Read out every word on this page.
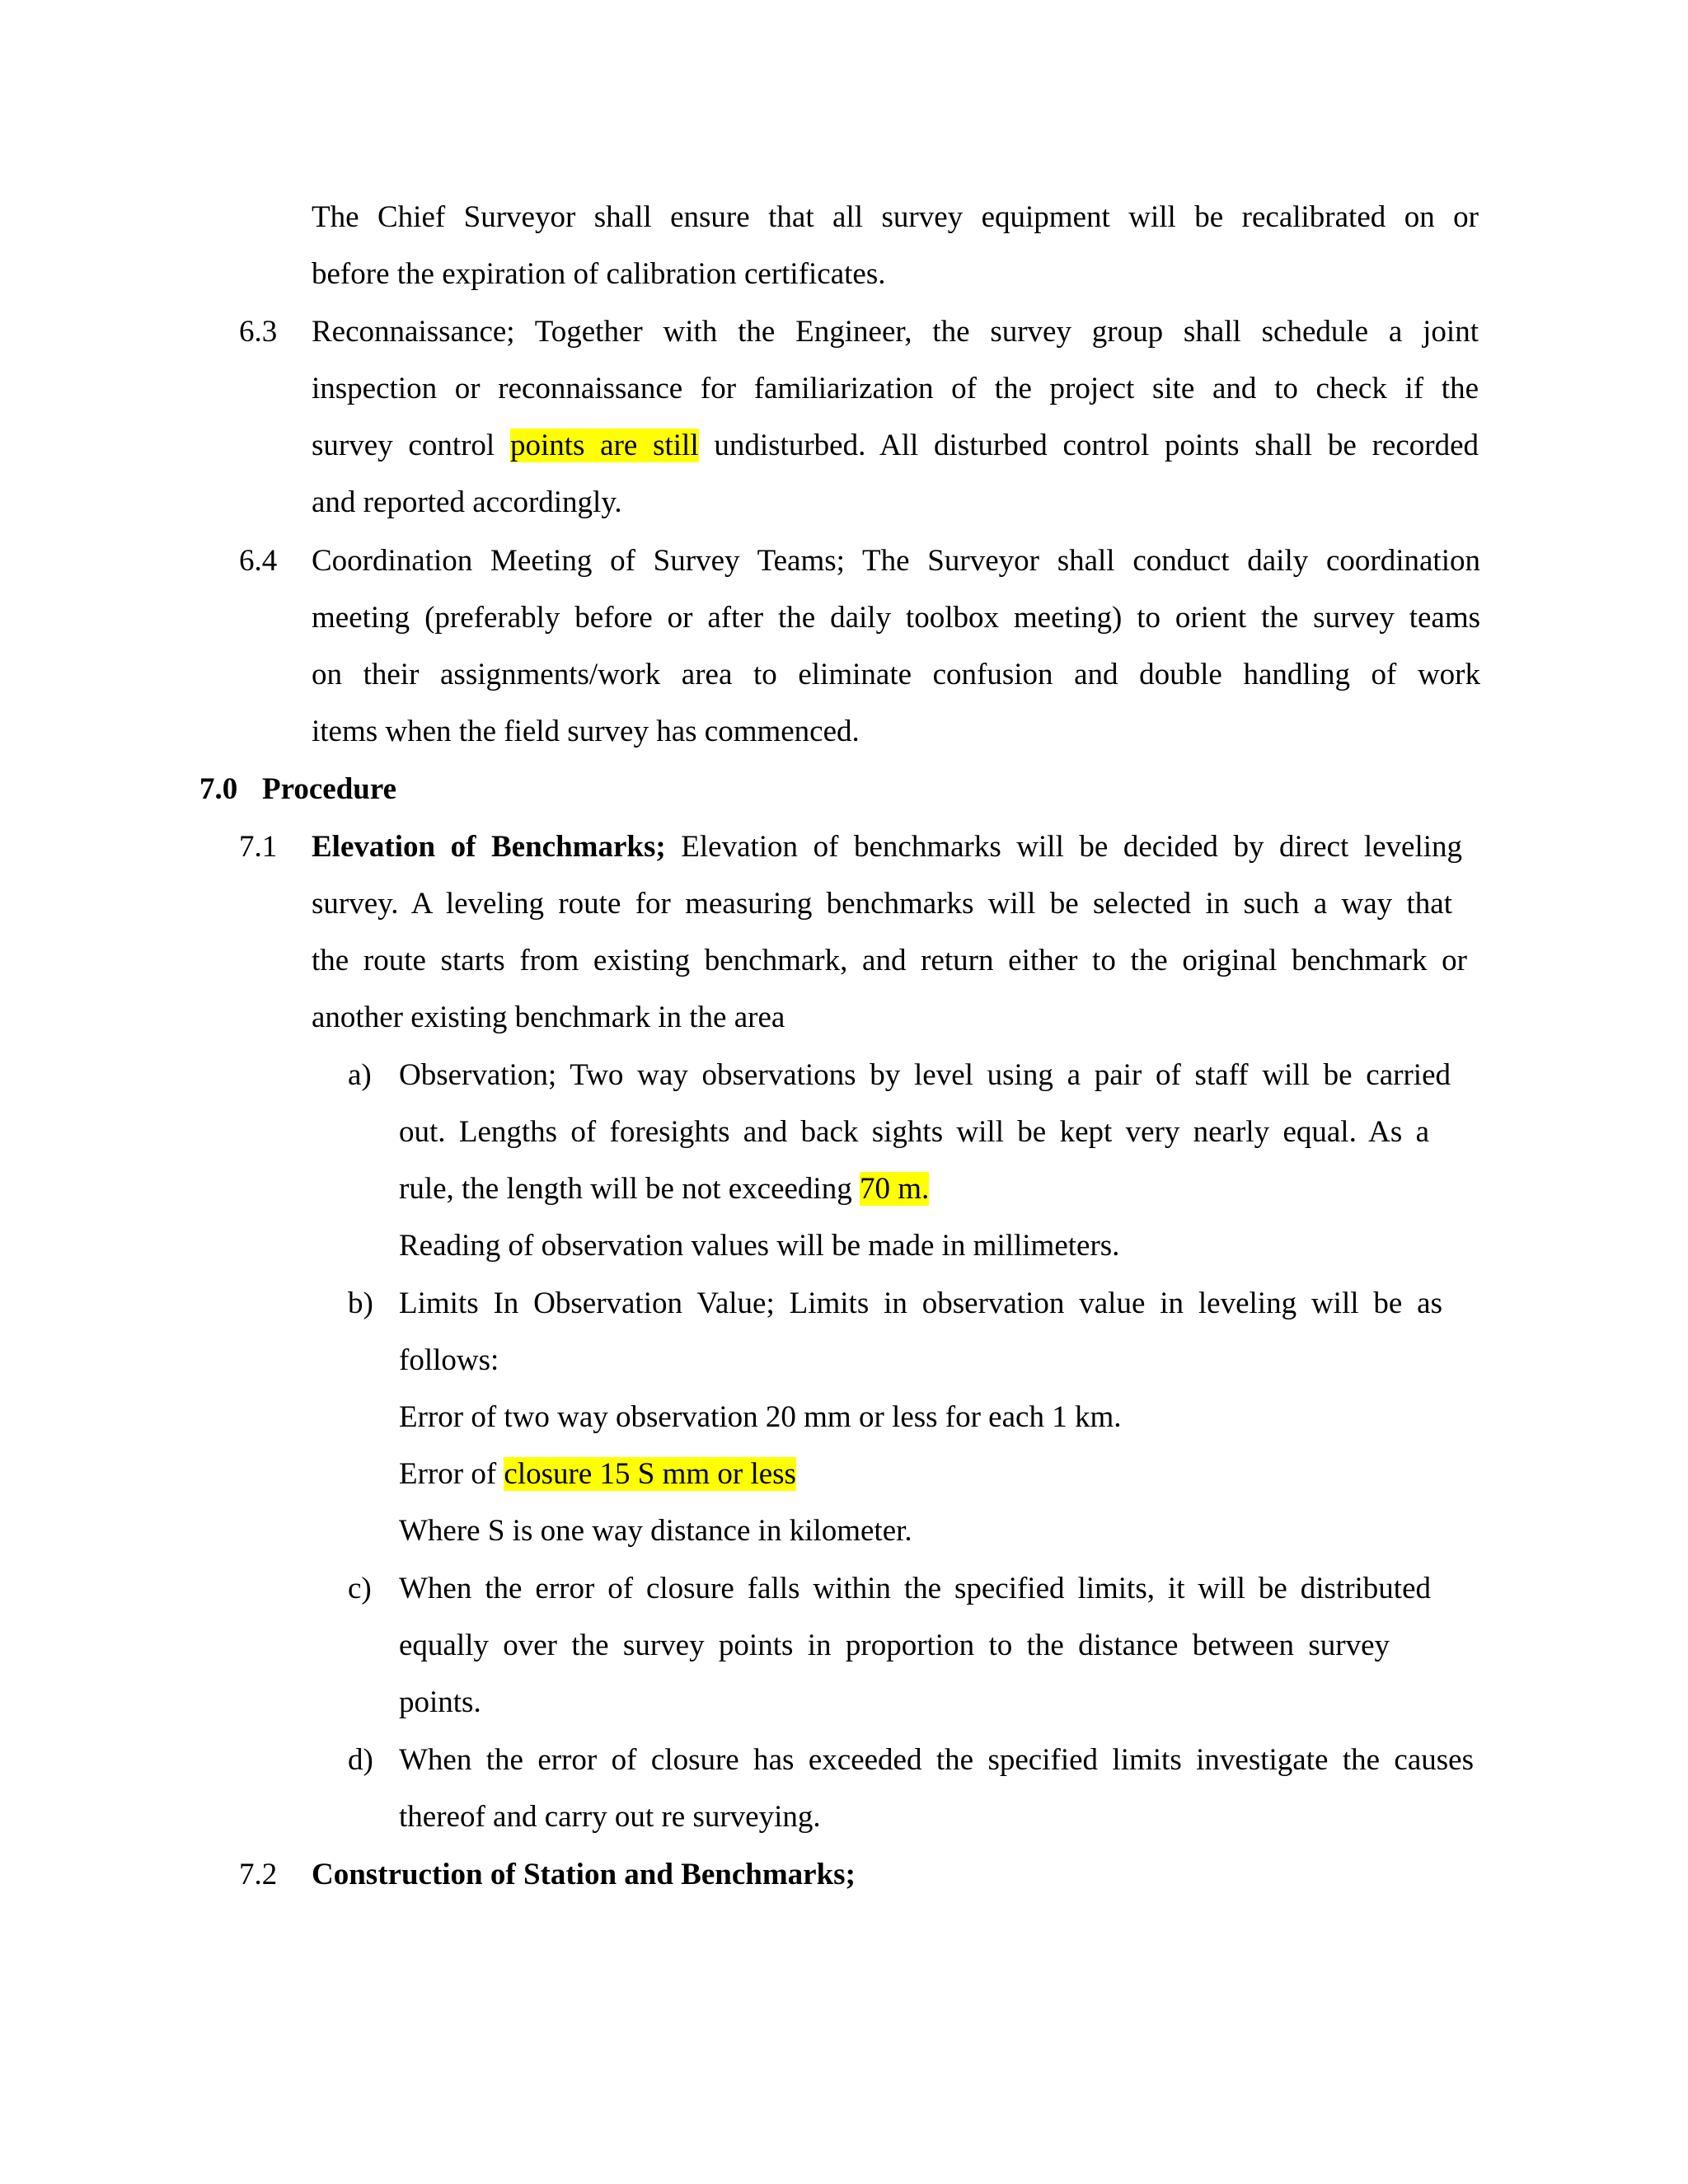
The Chief Surveyor shall ensure that all survey equipment will be recalibrated on or
before the expiration of calibration certificates.
6.3 Reconnaissance; Together with the Engineer, the survey group shall schedule a joint
inspection or reconnaissance for familiarization of the project site and to check if the
survey control points are still undisturbed. All disturbed control points shall be recorded
and reported accordingly.
6.4 Coordination Meeting of Survey Teams; The Surveyor shall conduct daily coordination
meeting (preferably before or after the daily toolbox meeting) to orient the survey teams
on their assignments/work area to eliminate confusion and double handling of work
items when the field survey has commenced.
7.0 Procedure
7.1 Elevation of Benchmarks; Elevation of benchmarks will be decided by direct leveling
survey. A leveling route for measuring benchmarks will be selected in such a way that
the route starts from existing benchmark, and return either to the original benchmark or
another existing benchmark in the area
a) Observation; Two way observations by level using a pair of staff will be carried
out. Lengths of foresights and back sights will be kept very nearly equal. As a
rule, the length will be not exceeding 70 m.
Reading of observation values will be made in millimeters.
b) Limits In Observation Value; Limits in observation value in leveling will be as
follows:
Error of two way observation 20 mm or less for each 1 km.
Error of closure 15 S mm or less
Where S is one way distance in kilometer.
c) When the error of closure falls within the specified limits, it will be distributed
equally over the survey points in proportion to the distance between survey
points.
d) When the error of closure has exceeded the specified limits investigate the causes
thereof and carry out re surveying.
7.2 Construction of Station and Benchmarks;
